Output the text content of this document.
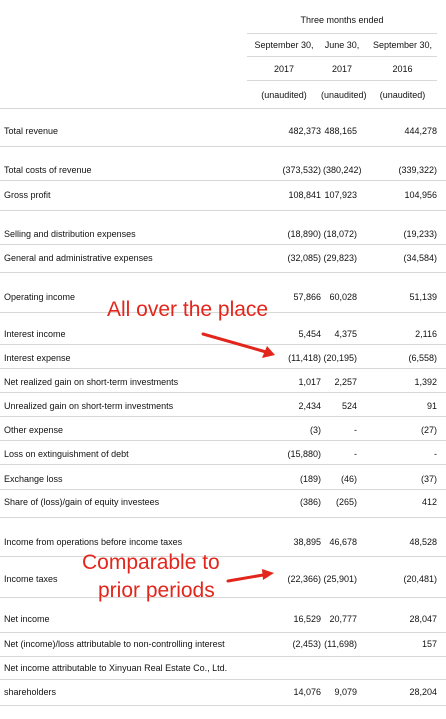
Three months ended
September 30,	June 30,	September 30,
2017	2017	2016
(unaudited)	(unaudited)	(unaudited)
Total revenue	482,373 488,165	444,278
Total costs of revenue	(373,532) (380,242)	(339,322)
Gross profit	108,841 107,923	104,956
Selling and distribution expenses	(18,890) (18,072)	(19,233)
General and administrative expenses	(32,085) (29,823)	(34,584)
Operating income	57,866 60,028	51,139
Interest income	5,454	4,375	2,116
Interest expense	(11,418) (20,195)	(6,558)
Net realized gain on short-term investments	1,017	2,257	1,392
Unrealized gain on short-term investments	2,434	524	91
Other expense	(3)	-	(27)
Loss on extinguishment of debt	(15,880)	-	-
Exchange loss	(189)	(46)	(37)
Share of (loss)/gain of equity investees	(386)	(265)	412
Income from operations before income taxes	38,895 46,678	48,528
Income taxes	(22,366) (25,901)	(20,481)
Net income	16,529 20,777	28,047
Net (income)/loss attributable to non-controlling interest	(2,453) (11,698)	157
Net income attributable to Xinyuan Real Estate Co., Ltd.
shareholders	14,076	9,079	28,204
All over the place
Comparable to
prior periods
